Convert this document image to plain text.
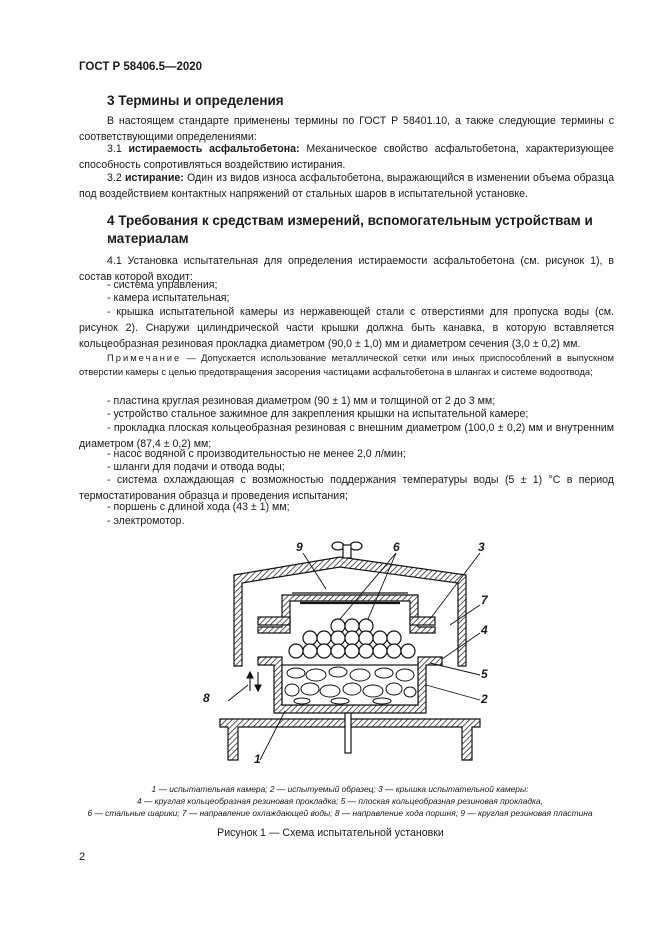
ГОСТ Р 58406.5—2020
3 Термины и определения
В настоящем стандарте применены термины по ГОСТ Р 58401.10, а также следующие термины с соответствующими определениями:
3.1 истираемость асфальтобетона: Механическое свойство асфальтобетона, характеризующее способность сопротивляться воздействию истирания.
3.2 истирание: Один из видов износа асфальтобетона, выражающийся в изменении объема образца под воздействием контактных напряжений от стальных шаров в испытательной установке.
4 Требования к средствам измерений, вспомогательным устройствам и материалам
4.1 Установка испытательная для определения истираемости асфальтобетона (см. рисунок 1), в состав которой входит:
- система управления;
- камера испытательная;
- крышка испытательной камеры из нержавеющей стали с отверстиями для пропуска воды (см. рисунок 2). Снаружи цилиндрической части крышки должна быть канавка, в которую вставляется кольцеобразная резиновая прокладка диаметром (90,0 ± 1,0) мм и диаметром сечения (3,0 ± 0,2) мм.
Примечание — Допускается использование металлической сетки или иных приспособлений в выпускном отверстии камеры с целью предотвращения засорения частицами асфальтобетона в шлангах и системе водоотвода;
- пластина круглая резиновая диаметром (90 ± 1) мм и толщиной от 2 до 3 мм;
- устройство стальное зажимное для закрепления крышки на испытательной камере;
- прокладка плоская кольцеобразная резиновая с внешним диаметром (100,0 ± 0,2) мм и внутренним диаметром (87,4 ± 0,2) мм;
- насос водяной с производительностью не менее 2,0 л/мин;
- шланги для подачи и отвода воды;
- система охлаждающая с возможностью поддержания температуры воды (5 ± 1) °С в период термостатирования образца и проведения испытания;
- поршень с длиной хода (43 ± 1) мм;
- электромотор.
9	6	3
7
4
5
2
8
1
1 — испытательная камера; 2 — испытуемый образец; 3 — крышка испытательной камеры:
4 — круглая кольцеобразная резиновая прокладка; 5 — плоская кольцеобразная резиновая прокладка,
6 — стальные шарики; 7 — направление охлаждающей воды; 8 — направление хода поршня; 9 — круглая резиновая пластина
Рисунок 1 — Схема испытательной установки
2
